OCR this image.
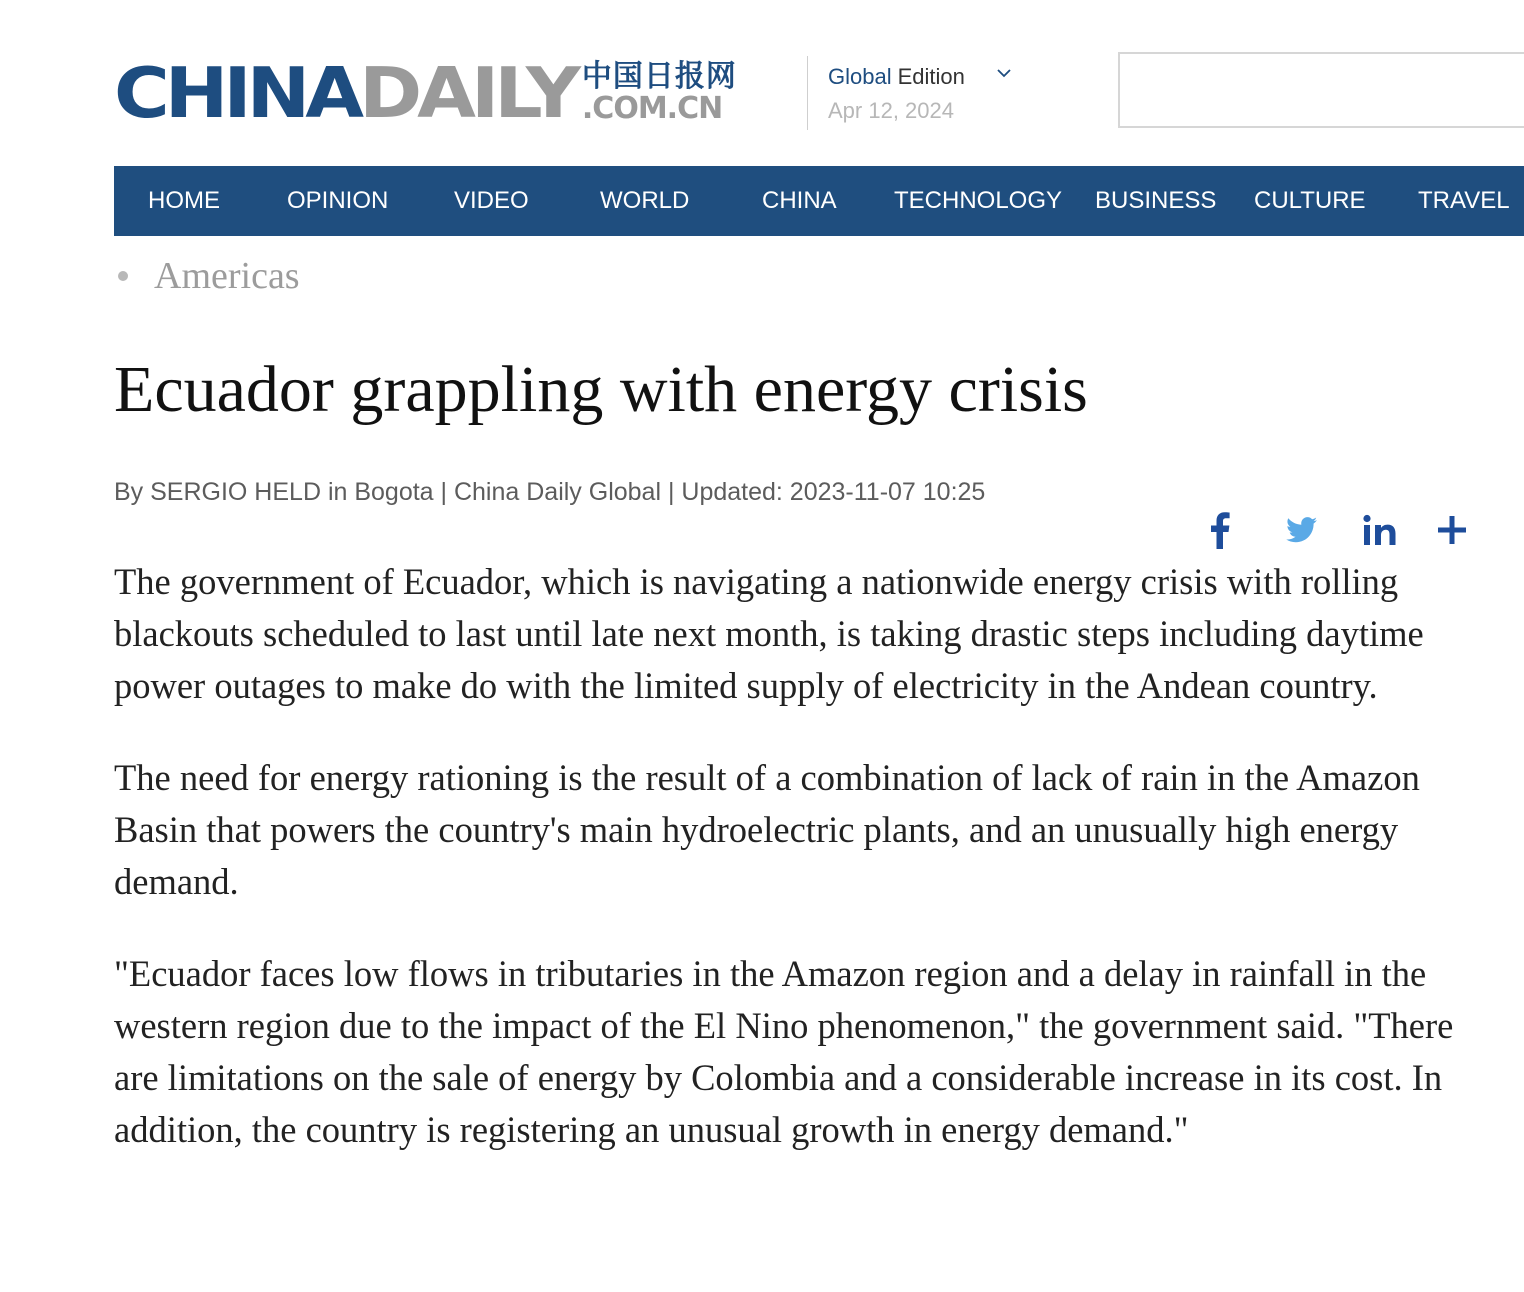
CHINADAILY 中国日报网
.COM.CN
Global Edition
Apr 12, 2024
HOME	OPINION	VIDEO	WORLD	CHINA TECHNOLOGY BUSINESS CULTURE TRAVEL
Americas
Ecuador grappling with energy crisis
By SERGIO HELD in Bogota | China Daily Global | Updated: 2023-11-07 10:25

The government of Ecuador, which is navigating a nationwide energy crisis with rolling blackouts scheduled to last until late next month, is taking drastic steps including daytime power outages to make do with the limited supply of electricity in the Andean country.

The need for energy rationing is the result of a combination of lack of rain in the Amazon Basin that powers the country's main hydroelectric plants, and an unusually high energy demand.

"Ecuador faces low flows in tributaries in the Amazon region and a delay in rainfall in the western region due to the impact of the El Nino phenomenon," the government said. "There are limitations on the sale of energy by Colombia and a considerable increase in its cost. In addition, the country is registering an unusual growth in energy demand."
